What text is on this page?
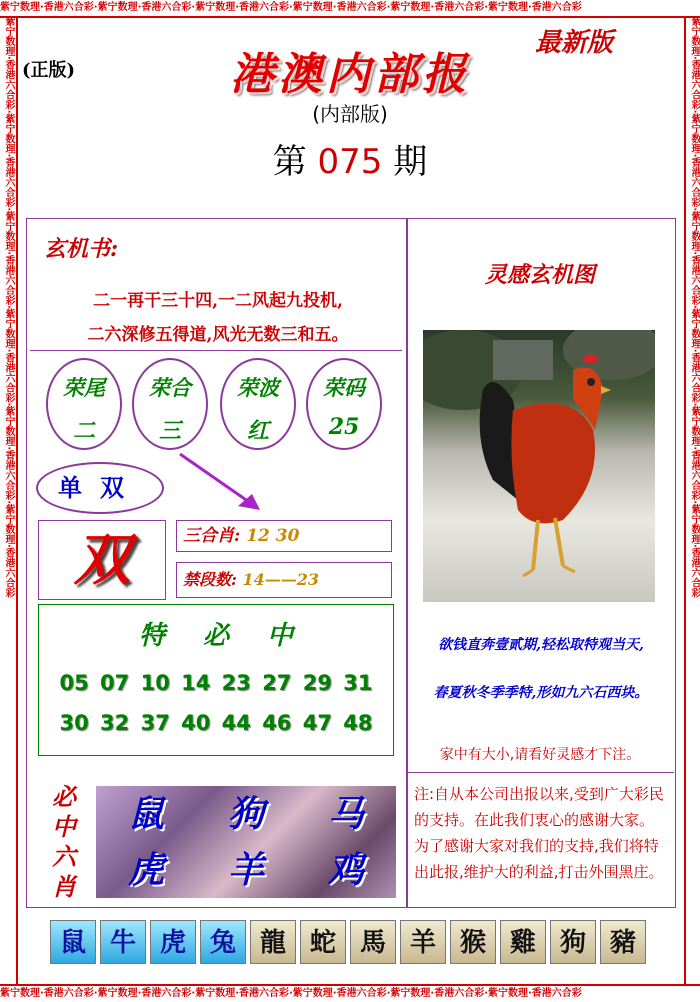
紫宁数理·香港六合彩·紫宁数理·香港六合彩·紫宁数理·香港六合彩·紫宁数理·香港六合彩·紫宁数理·香港六合彩·紫宁数理·香港六合彩
紫宁数理·香港六合彩·紫宁数理·香港六合彩·紫宁数理·香港六合彩·紫宁数理·香港六合彩·紫宁数理·香港六合彩·紫宁数理·香港六合彩
紫宁数理·香港六合彩·紫宁数理·香港六合彩·紫宁数理·香港六合彩·紫宁数理·香港六合彩·紫宁数理·香港六合彩·紫宁数理·香港六合彩	紫宁数理·香港六合彩·紫宁数理·香港六合彩·紫宁数理·香港六合彩·紫宁数理·香港六合彩·紫宁数理·香港六合彩·紫宁数理·香港六合彩
(正版)
最新版
港澳内部报
(内部版)
第 075 期
玄机书:
二一再干三十四,一二风起九投机,
二六深修五得道,风光无数三和五。
荣尾
二
荣合
三
荣波
红
荣码
25
单双
双	三合肖: 12 30
禁段数: 14——23
特必中
05 07 10 14 23 27 29 31
30 32 37 40 44 46 47 48
必
中
六
肖
鼠	狗	马
虎	羊	鸡
灵感玄机图
欲钱直奔壹贰期,轻松取特观当天,
春夏秋冬季季特,形如九六石西块。
家中有大小,请看好灵感才下注。
注:自从本公司出报以来,受到广大彩民的支持。在此我们衷心的感谢大家。为了感谢大家对我们的支持,我们将特出此报,维护大的利益,打击外围黑庄。
鼠 牛 虎 兔 龍 蛇 馬 羊 猴 雞 狗 豬
